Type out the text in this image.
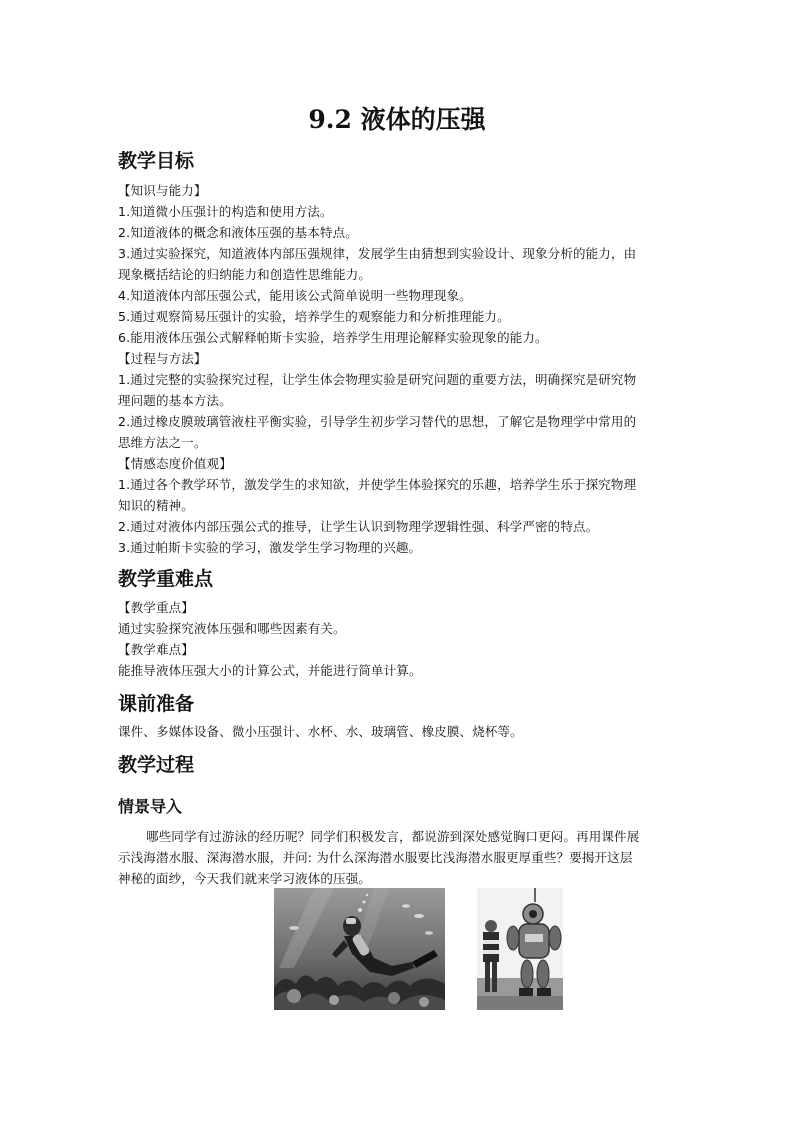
9.2 液体的压强
教学目标
【知识与能力】
1.知道微小压强计的构造和使用方法。
2.知道液体的概念和液体压强的基本特点。
3.通过实验探究，知道液体内部压强规律，发展学生由猜想到实验设计、现象分析的能力，由
现象概括结论的归纳能力和创造性思维能力。
4.知道液体内部压强公式，能用该公式简单说明一些物理现象。
5.通过观察简易压强计的实验，培养学生的观察能力和分析推理能力。
6.能用液体压强公式解释帕斯卡实验，培养学生用理论解释实验现象的能力。
【过程与方法】
1.通过完整的实验探究过程，让学生体会物理实验是研究问题的重要方法，明确探究是研究物
理问题的基本方法。
2.通过橡皮膜玻璃管液柱平衡实验，引导学生初步学习替代的思想，了解它是物理学中常用的
思维方法之一。
【情感态度价值观】
1.通过各个教学环节，激发学生的求知欲，并使学生体验探究的乐趣，培养学生乐于探究物理
知识的精神。
2.通过对液体内部压强公式的推导，让学生认识到物理学逻辑性强、科学严密的特点。
3.通过帕斯卡实验的学习，激发学生学习物理的兴趣。
教学重难点
【教学重点】
通过实验探究液体压强和哪些因素有关。
【教学难点】
能推导液体压强大小的计算公式，并能进行简单计算。
课前准备
课件、多媒体设备、微小压强计、水杯、水、玻璃管、橡皮膜、烧杯等。
教学过程
情景导入
哪些同学有过游泳的经历呢？同学们积极发言，都说游到深处感觉胸口更闷。再用课件展
示浅海潜水服、深海潜水服，并问: 为什么深海潜水服要比浅海潜水服更厚重些？要揭开这层
神秘的面纱，今天我们就来学习液体的压强。
